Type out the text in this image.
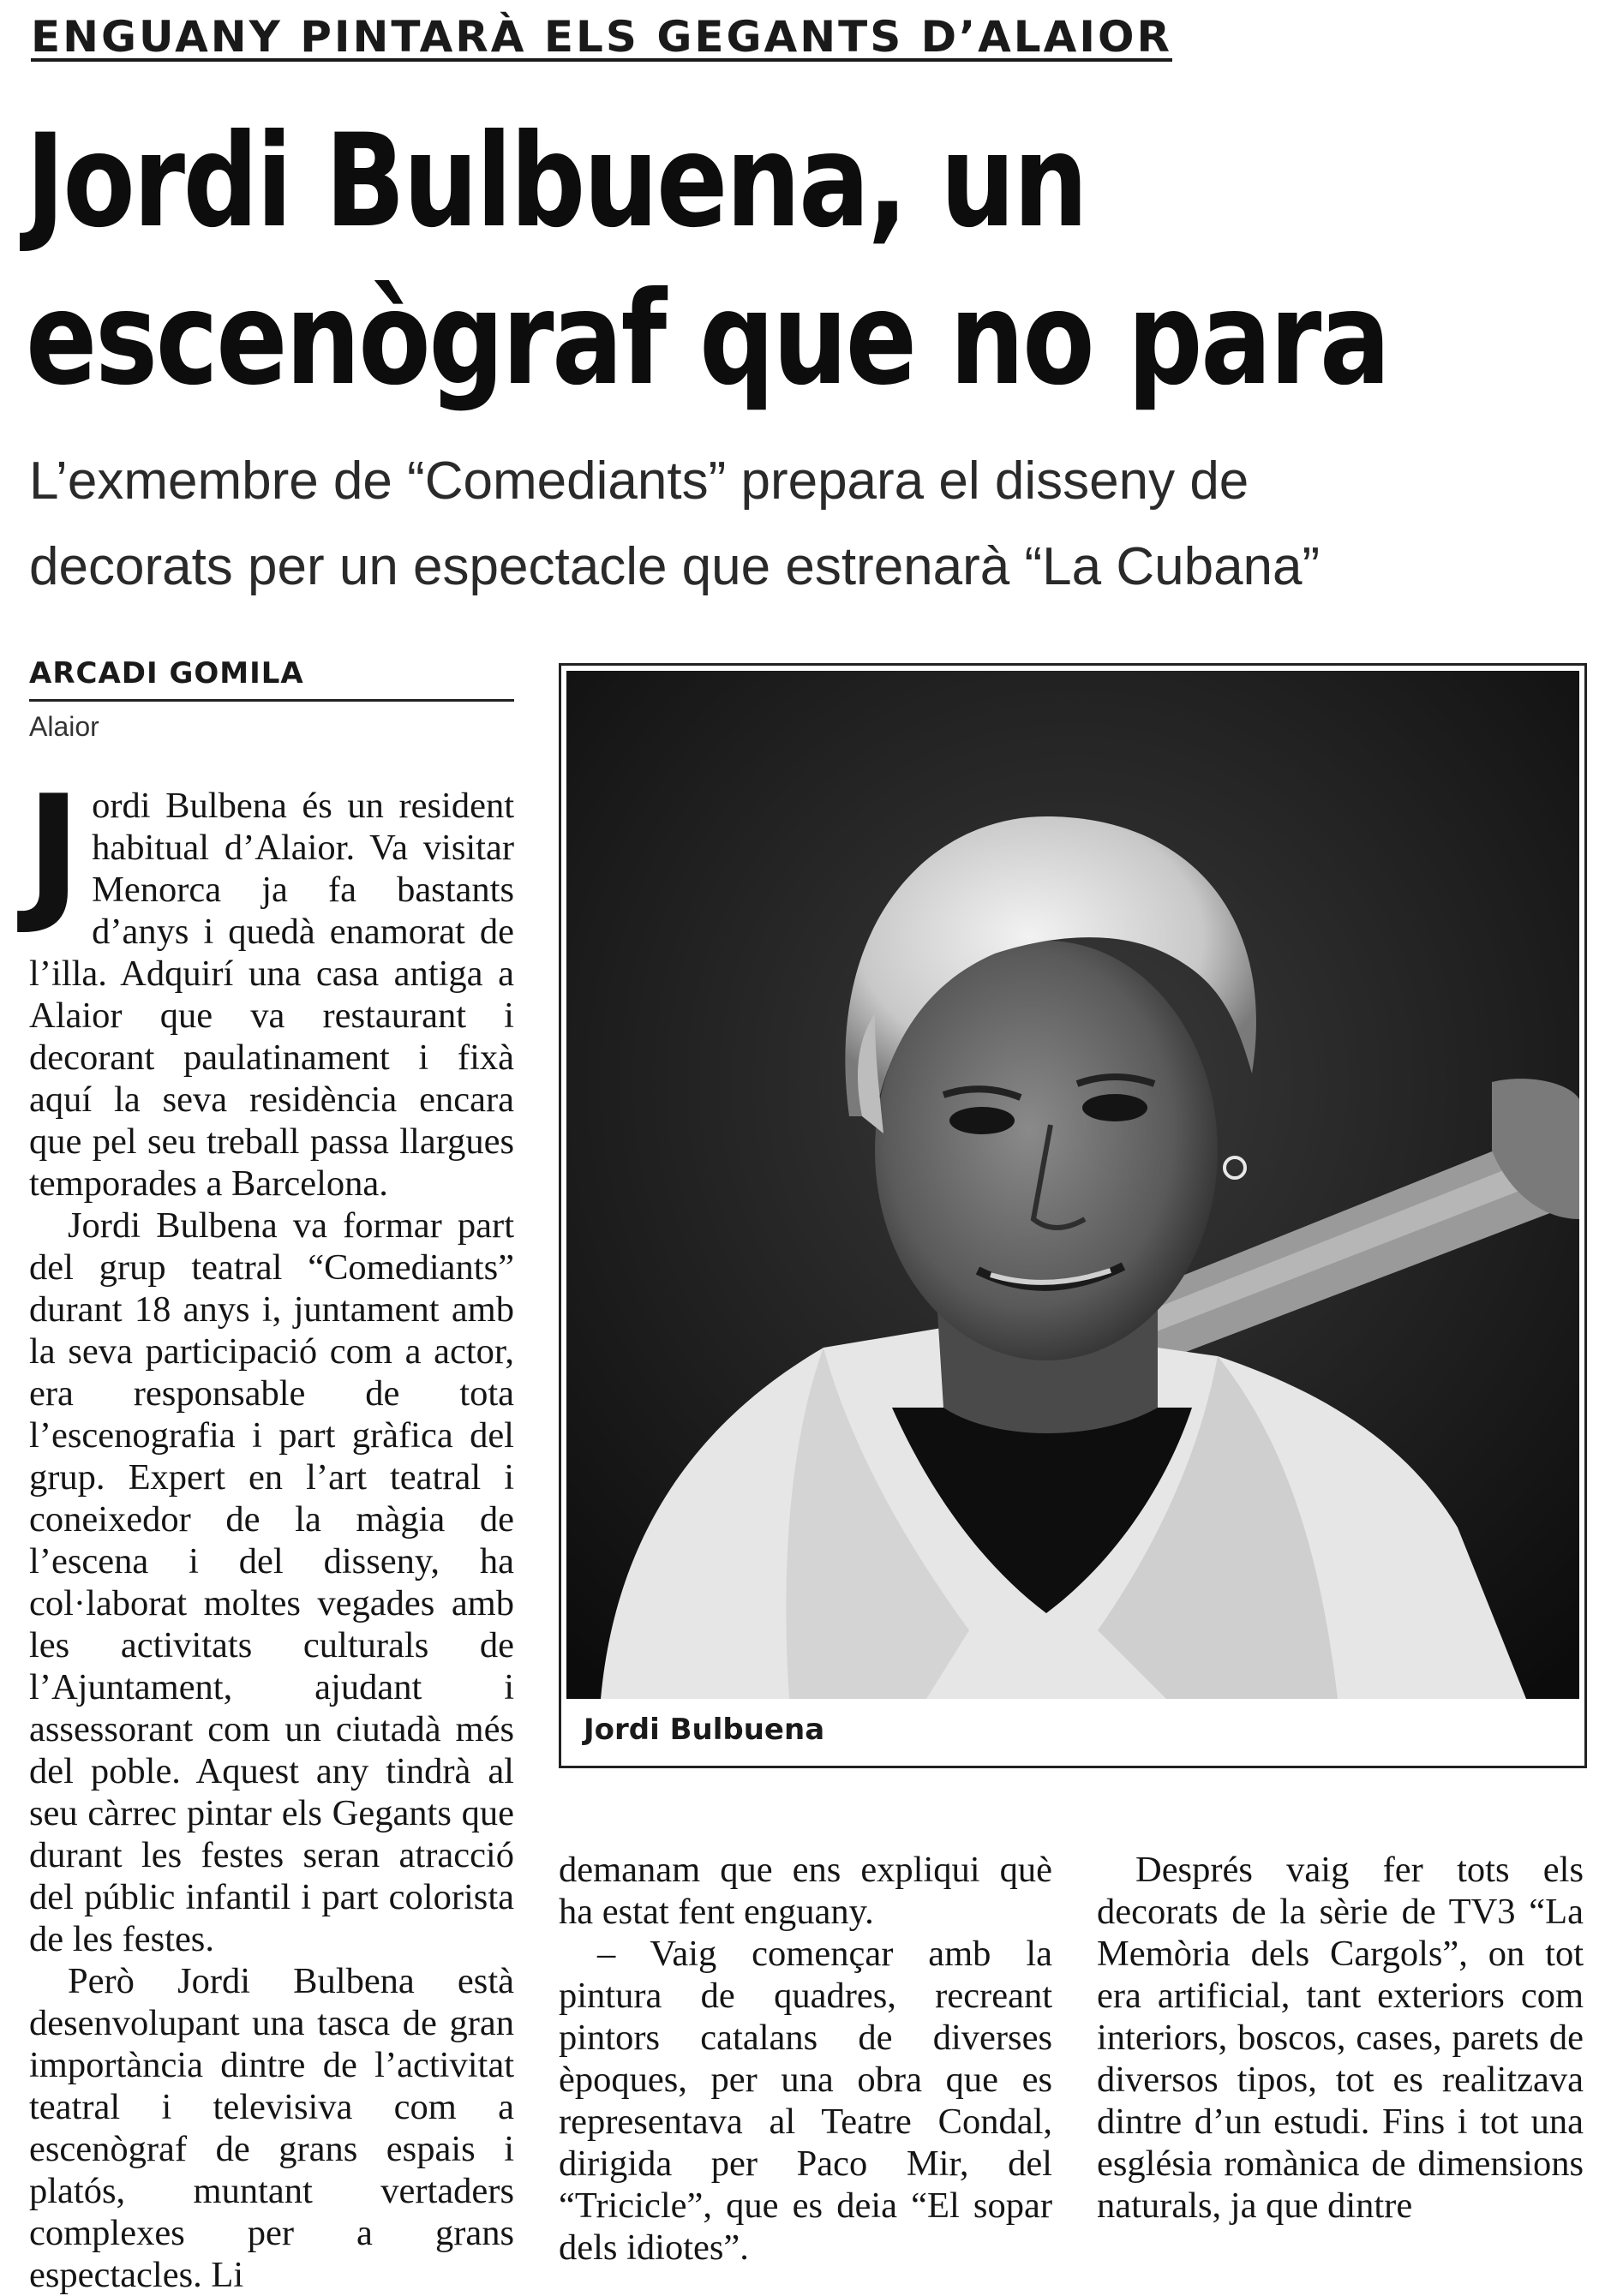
ENGUANY PINTARÀ ELS GEGANTS D’ALAIOR
Jordi Bulbuena, un
escenògraf que no para
L’exmembre de “Comediants” prepara el disseny de
decorats per un espectacle que estrenarà “La Cubana”
ARCADI GOMILA
Alaior
J ordi Bulbena és un resident habitual d’Alaior. Va visitar Menorca ja fa bastants d’anys i quedà enamorat de l’illa. Adquirí una casa antiga a Alaior que va restaurant i decorant paulatinament i fixà aquí la seva residència encara que pel seu treball passa llargues temporades a Barcelona.

Jordi Bulbena va formar part del grup teatral “Comediants” durant 18 anys i, juntament amb la seva participació com a actor, era responsable de tota l’escenografia i part gràfica del grup. Expert en l’art teatral i coneixedor de la màgia de l’escena i del disseny, ha col·laborat moltes vegades amb les activitats culturals de l’Ajuntament, ajudant i assessorant com un ciutadà més del poble. Aquest any tindrà al seu càrrec pintar els Gegants que durant les festes seran atracció del públic infantil i part colorista de les festes.

Però Jordi Bulbena està desenvolupant una tasca de gran importància dintre de l’activitat teatral i televisiva com a escenògraf de grans espais i platós, muntant vertaders complexes per a grans espectacles. Li

Jordi Bulbuena

demanam que ens expliqui què ha estat fent enguany.

– Vaig començar amb la pintura de quadres, recreant pintors catalans de diverses èpoques, per una obra que es representava al Teatre Condal, dirigida per Paco Mir, del “Tricicle”, que es deia “El sopar dels idiotes”.

Després vaig fer tots els decorats de la sèrie de TV3 “La Memòria dels Cargols”, on tot era artificial, tant exteriors com interiors, boscos, cases, parets de diversos tipos, tot es realitzava dintre d’un estudi. Fins i tot una església romànica de dimensions naturals, ja que dintre
